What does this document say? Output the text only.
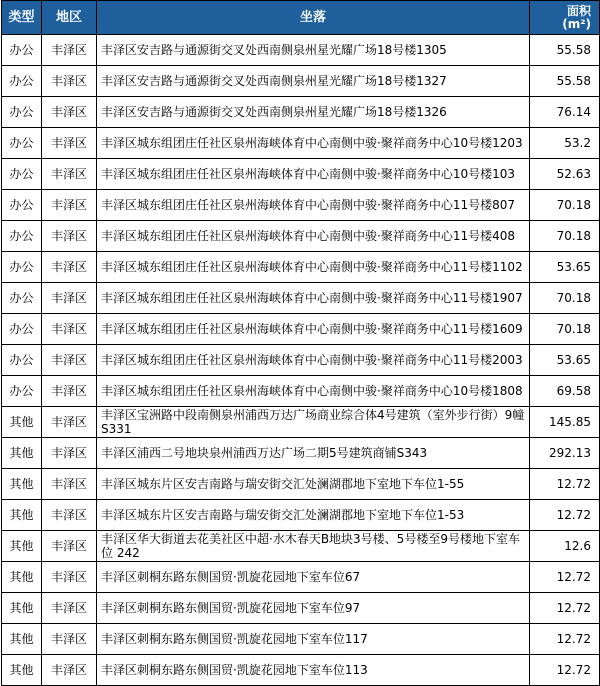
类型	地区	坐落	面积
(m²)
办公	丰泽区	丰泽区安吉路与通源街交叉处西南侧泉州星光耀广场18号楼1305	55.58
办公	丰泽区	丰泽区安吉路与通源街交叉处西南侧泉州星光耀广场18号楼1327	55.58
办公	丰泽区	丰泽区安吉路与通源街交叉处西南侧泉州星光耀广场18号楼1326	76.14
办公	丰泽区	丰泽区城东组团庄任社区泉州海峡体育中心南侧中骏·聚祥商务中心10号楼1203	53.2
办公	丰泽区	丰泽区城东组团庄任社区泉州海峡体育中心南侧中骏·聚祥商务中心10号楼103	52.63
办公	丰泽区	丰泽区城东组团庄任社区泉州海峡体育中心南侧中骏·聚祥商务中心11号楼807	70.18
办公	丰泽区	丰泽区城东组团庄任社区泉州海峡体育中心南侧中骏·聚祥商务中心11号楼408	70.18
办公	丰泽区	丰泽区城东组团庄任社区泉州海峡体育中心南侧中骏·聚祥商务中心11号楼1102	53.65
办公	丰泽区	丰泽区城东组团庄任社区泉州海峡体育中心南侧中骏·聚祥商务中心11号楼1907	70.18
办公	丰泽区	丰泽区城东组团庄任社区泉州海峡体育中心南侧中骏·聚祥商务中心11号楼1609	70.18
办公	丰泽区	丰泽区城东组团庄任社区泉州海峡体育中心南侧中骏·聚祥商务中心11号楼2003	53.65
办公	丰泽区	丰泽区城东组团庄任社区泉州海峡体育中心南侧中骏·聚祥商务中心10号楼1808	69.58
其他	丰泽区	丰泽区宝洲路中段南侧泉州浦西万达广场商业综合体4号建筑（室外步行街）9幢S331	145.85
其他	丰泽区	丰泽区浦西二号地块泉州浦西万达广场二期5号建筑商铺S343	292.13
其他	丰泽区	丰泽区城东片区安吉南路与瑞安街交汇处澜湖郡地下室地下车位1-55	12.72
其他	丰泽区	丰泽区城东片区安吉南路与瑞安街交汇处澜湖郡地下室地下车位1-53	12.72
其他	丰泽区	丰泽区华大街道去花美社区中超·水木春天B地块3号楼、5号楼至9号楼地下室车位 242	12.6
其他	丰泽区	丰泽区刺桐东路东侧国贸·凯旋花园地下室车位67	12.72
其他	丰泽区	丰泽区刺桐东路东侧国贸·凯旋花园地下室车位97	12.72
其他	丰泽区	丰泽区刺桐东路东侧国贸·凯旋花园地下室车位117	12.72
其他	丰泽区	丰泽区刺桐东路东侧国贸·凯旋花园地下室车位113	12.72
